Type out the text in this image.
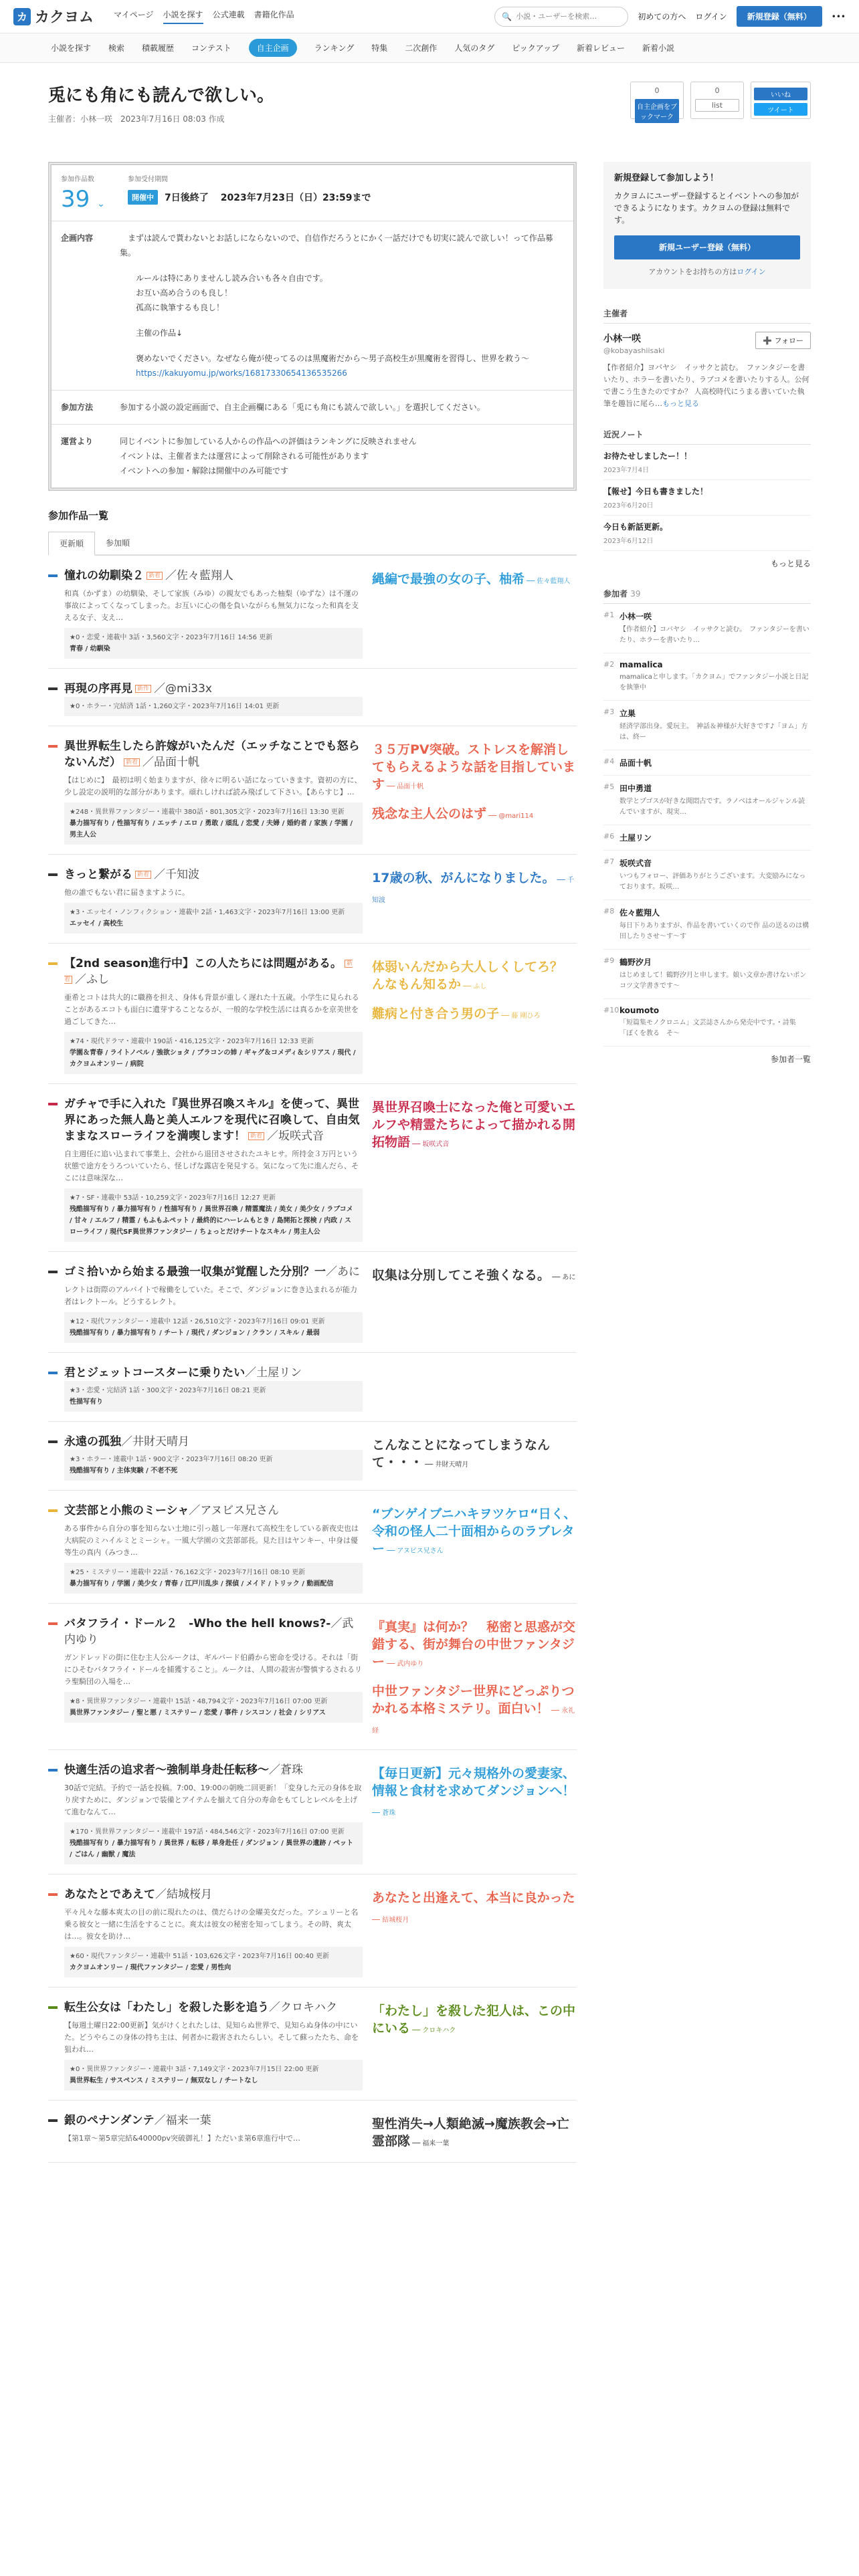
カ カクヨム	マイページ 小説を探す 公式連載 書籍化作品	🔍
小説・ユーザーを検索…	初めての方へ ログイン	新規登録（無料）	•••
小説を探す 検索 積載履歴 コンテスト	自主企画	ランキング 特集 二次創作 人気のタグ ピックアップ 新着レビュー 新着小説
兎にも角にも読んで欲しい。
主催者：小林一咲　2023年7月16日 08:03 作成
0
自主企画をブックマーク
0
list
いいね
ツイート
参加作品数
39 ⌄
参加受付期間
開催中	7日後終了 2023年7月23日（日）23:59まで
企画内容	まずは読んで貰わないとお話しにならないので、自信作だろうとにかく一話だけでも切実に読んで欲しい！って作品募集。

ルールは特にありませんし読み合いも各々自由です。

お互い高め合うのも良し！

孤高に執筆するも良し！

主催の作品↓

褒めないでください。なぜなら俺が使ってるのは黒魔術だから～男子高校生が黒魔術を習得し、世界を救う～

https://kakuyomu.jp/works/16817330654136535266

参加方法	参加する小説の設定画面で、自主企画欄にある「兎にも角にも読んで欲しい。」を選択してください。
運営より	同じイベントに参加している人からの作品への評価はランキングに反映されません

イベントは、主催者または運営によって削除される可能性があります

イベントへの参加・解除は開催中のみ可能です

参加作品一覧
更新順	参加順
憧れの幼馴染２ 新着 ／佐々藍翔人
和真（かずま）の幼馴染、そして家族（みゆ）の親友でもあった柚梨（ゆずな）は不運の事故によってくなってしまった。お互いに心の傷を負いながらも無気力になった和真を支える女子、支え…
★0・恋愛・連載中 3話・3,560文字・2023年7月16日 14:56 更新
青春 / 幼馴染
縄編で最強の女の子、柚希 ── 佐々藍翔人
再現の序再見 新作 ／@mi33x
★0・ホラー・完結済 1話・1,260文字・2023年7月16日 14:01 更新
異世界転生したら許嫁がいたんだ（エッチなことでも怒らないんだ） 新着 ／品面十帆
【はじめに】　最初は明く始まりますが、徐々に明るい話になっていきます。資初の方に、少し設定の説明的な部分があります。頑れしければ読み飛ばして下さい。【あらすじ】…
★248・異世界ファンタジー・連載中 380話・801,305文字・2023年7月16日 13:30 更新
暴力描写有り / 性描写有り / エッチ / エロ / 勇敢 / 頑乱 / 恋愛 / 夫婦 / 婚約者 / 家族 / 学園 / 男主人公
３５万PV突破。ストレスを解消してもらえるような話を目指しています ── 品面十帆
残念な主人公のはず ── @mari114
きっと繋がる 新着 ／千知波
他の誰でもない君に届きますように。
★3・エッセイ・ノンフィクション・連載中 2話・1,463文字・2023年7月16日 13:00 更新
エッセイ / 高校生
17歳の秋、がんになりました。 ── 千知波
【2nd season進行中】この人たちには問題がある。 新着 ／ふし
亜希とコトは共大的に職務を担え、身体も背景が重しく遅れた十五歳。小学生に見られることがあるエコトも面白に遺芽することなるが、一般的な学校生活には真るかを京美世を過ごしてきた…
★74・現代ドラマ・連載中 190話・416,125文字・2023年7月16日 12:33 更新
学園＆青春 / ライトノベル / 強欲ショタ / ブラコンの姉 / ギャグ＆コメディ＆シリアス / 現代 / カクヨムオンリー / 病院
体弱いんだから大人しくしてろ？　んなもん知るか ── ふし
難病と付き合う男の子 ── 藤 剛ひろ
ガチャで手に入れた『異世界召喚スキル』を使って、異世界にあった無人島と美人エルフを現代に召喚して、自由気ままなスローライフを満喫します！ 新着 ／坂咲式音
自主週任に追い込まれて事業上、会社から退団させされたユキヒサ。所持金３万円という状態で途方をうろついていたら、怪しげな露店を発見する。気になって先に進んだら、そこには意味深な…
★7・SF・連載中 53話・10,259文字・2023年7月16日 12:27 更新
残酷描写有り / 暴力描写有り / 性描写有り / 異世界召喚 / 精霊魔法 / 美女 / 美少女 / ラブコメ / 甘々 / エルフ / 精霊 / もふもふペット / 最終的にハーレムもとき / 島開拓と探検 / 内政 / スローライフ / 現代SF異世界ファンタジー / ちょっとだけチートなスキル / 男主人公
異世界召喚士になった俺と可愛いエルフや精霊たちによって描かれる開拓物語 ── 坂咲式音
ゴミ拾いから始まる最強一収集が覚醒した分別？一／あに
レクトは街際のアルバイトで稼働をしていた。そこで、ダンジョンに巻き込まれるが能力者はレクトール。どうするレクト。
★12・現代ファンタジー・連載中 12話・26,510文字・2023年7月16日 09:01 更新
残酷描写有り / 暴力描写有り / チート / 現代 / ダンジョン / クラン / スキル / 最弱
収集は分別してこそ強くなる。 ── あに
君とジェットコースターに乗りたい／土屋リン
★3・恋愛・完結済 1話・300文字・2023年7月16日 08:21 更新
性描写有り
永遠の孤独／井財天晴月
★3・ホラー・連載中 1話・900文字・2023年7月16日 08:20 更新
残酷描写有り / 主体実験 / 不老不死
こんなことになってしまうなんて・・・ ── 井財天晴月
文芸部と小熊のミーシャ／アヌビス兄さん
ある事件から自分の事を知らない土地に引っ越し一年遅れて高校生をしている新夜史也は大病院のミハイルミとミーシャ。一風大学園の文芸部部長。見た目はヤンキー、中身は優等生の真内（みつき…
★25・ミステリー・連載中 22話・76,162文字・2023年7月16日 08:10 更新
暴力描写有り / 学園 / 美少女 / 青春 / 江戸川乱歩 / 探偵 / メイド / トリック / 動画配信
“ブンゲイブニハキヲツケロ“日く、令和の怪人二十面相からのラブレター ── アヌビス兄さん
バタフライ・ドール２　-Who the hell knows?-／武内ゆり
ガンドレッドの街に住む主人公ルークは、ギルバード伯爵から密命を受ける。それは「街にひそむバタフライ・ドールを捕獲すること」。ルークは、人間の殺害が警慎するされるリラ聖騎団の入場を…
★8・異世界ファンタジー・連載中 15話・48,794文字・2023年7月16日 07:00 更新
異世界ファンタジー / 聖と悪 / ミステリー / 恋愛 / 事件 / シスコン / 社会 / シリアス
『真実』は何か？　秘密と思惑が交錯する、街が舞台の中世ファンタジー ── 武内ゆり
中世ファンタジー世界にどっぷりつかれる本格ミステリ。面白い！ ── 永礼　経
快適生活の追求者〜強制単身赴任転移〜／蒼珠
30話で完結。予約で一話を投稿。7:00、19:00の朝晩二回更新！「変身した元の身体を取り戻すために、ダンジョンで装備とアイテムを揃えて自分の寿命をもてしとレベルを上げて進むなんて…
★170・異世界ファンタジー・連載中 197話・484,546文字・2023年7月16日 07:00 更新
残酷描写有り / 暴力描写有り / 異世界 / 転移 / 単身赴任 / ダンジョン / 異世界の遺跡 / ペット / ごはん / 幽獣 / 魔法
【毎日更新】元々規格外の愛妻家、情報と食材を求めてダンジョンへ！ ── 蒼珠
あなたとであえて／結城桜月
平々凡々な藤本爽太の目の前に現れたのは、僕だらけの金曜美女だった。アシュリーと名乗る彼女と一緒に生活をすることに。爽太は彼女の秘密を知ってしまう。その時、爽太は…。彼女を助け…
★60・現代ファンタジー・連載中 51話・103,626文字・2023年7月16日 00:40 更新
カクヨムオンリー / 現代ファンタジー / 恋愛 / 男性向
あなたと出逢えて、本当に良かった ── 結城桜月
転生公女は「わたし」を殺した影を追う／クロキハク
【毎週土曜日22:00更新】気がけくとれたしは、見知らぬ世界で、見知らぬ身体の中にいた。どうやらこの身体の持ち主は、何者かに殺害されたらしい。そして蘇ったたち、命を狙われ…
★0・異世界ファンタジー・連載中 3話・7,149文字・2023年7月15日 22:00 更新
異世界転生 / サスペンス / ミステリー / 無双なし / チートなし
「わたし」を殺した犯人は、この中にいる ── クロキハク
銀のペナンダンテ／福来一葉
【第1章〜第5章完結&40000pv突破御礼！】ただいま第6章進行中で…
聖性消失→人類絶滅→魔族教会→亡霊部隊 ── 福来一葉
新規登録して参加しよう！
カクヨムにユーザー登録するとイベントへの参加ができるようになります。カクヨムの登録は無料です。
新規ユーザー登録（無料）
アカウントをお持ちの方はログイン
主催者
小林一咲
@kobayashiisaki
➕ フォロー
【作者紹介】ヨバヤシ　イッサクと読む。　ファンタジーを書いたり、ホラーを書いたり、ラブコメを書いたりする人。公何で書こう生きたのですか？ 人高校時代にうまる書いていた執筆を趣旨に尾ら…もっと見る
近況ノート
お待たせしましたー！！
2023年7月4日
【報せ】今日も書きました！
2023年6月20日
今日も新話更新。
2023年6月12日
もっと見る
参加者 39
#1 小林一咲
【作者紹介】コバヤシ　イッサクと読む。　ファンタジーを書いたり、ホラーを書いたり…
#2 mamalica
mamalicaと申します。「カクヨム」でファンタジー小説と日記を執筆中
#3 立巣
経済学部出身。愛玩主。　神話＆神様が大好きです♪「ヨム」方は、終ー
#4 品面十帆
#5 田中勇道
数学とプゴスが好きな聞悶古です。ラノベはオールジャンル読んでいますが、現実…
#6 土屋リン
#7 坂咲式音
いつもフォロー、評価ありがとうございます。大変励みになっております。坂咲…
#8 佐々藍翔人
毎日下りありますが、作品を書いていくので作 品の送るのは構田したりさせ～す～す
#9 鶴野汐月
はじめまして！鶴野汐月と申します。娘い文章か書けないポンコツ文学書きです～
#10 koumoto
「短篇集モノクロニム」文芸誌さんから発売中です。・詩集　「ぼくを教る　そ～
参加者一覧
